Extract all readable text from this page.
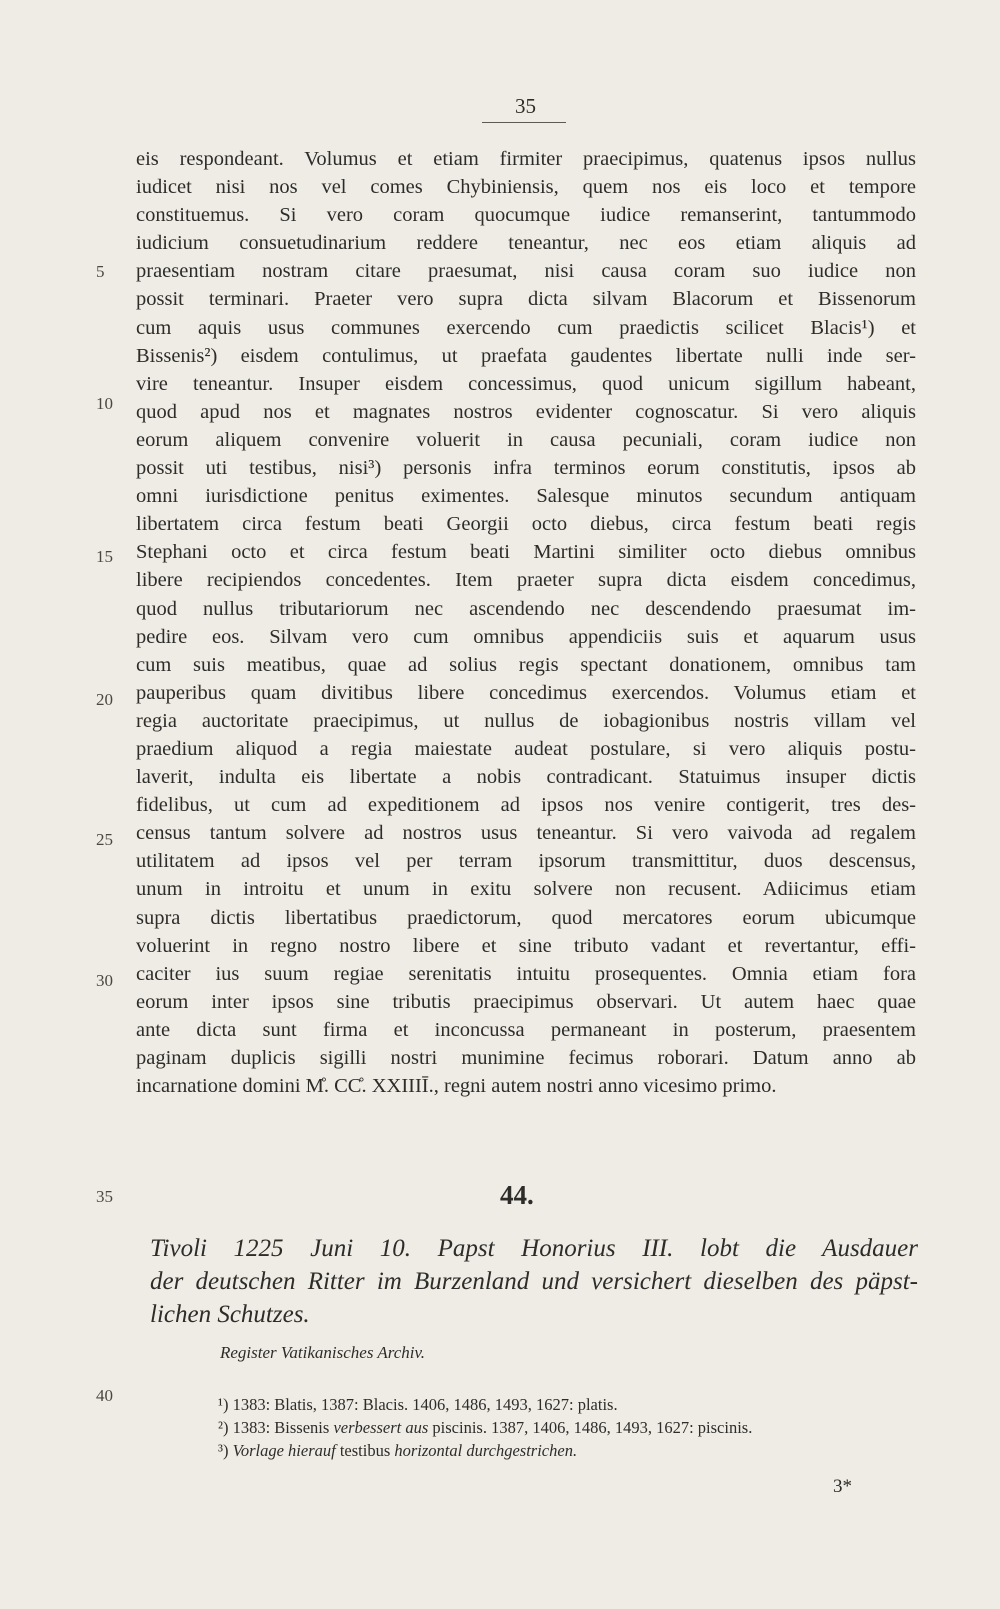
35
eis respondeant. Volumus et etiam firmiter praecipimus, quatenus ipsos nullus
iudicet nisi nos vel comes Chybiniensis, quem nos eis loco et tempore
constituemus. Si vero coram quocumque iudice remanserint, tantummodo
iudicium consuetudinarium reddere teneantur, nec eos etiam aliquis ad
praesentiam nostram citare praesumat, nisi causa coram suo iudice non
possit terminari. Praeter vero supra dicta silvam Blacorum et Bissenorum
cum aquis usus communes exercendo cum praedictis scilicet Blacis¹) et
Bissenis²) eisdem contulimus, ut praefata gaudentes libertate nulli inde ser-
vire teneantur. Insuper eisdem concessimus, quod unicum sigillum habeant,
quod apud nos et magnates nostros evidenter cognoscatur. Si vero aliquis
eorum aliquem convenire voluerit in causa pecuniali, coram iudice non
possit uti testibus, nisi³) personis infra terminos eorum constitutis, ipsos ab
omni iurisdictione penitus eximentes. Salesque minutos secundum antiquam
libertatem circa festum beati Georgii octo diebus, circa festum beati regis
Stephani octo et circa festum beati Martini similiter octo diebus omnibus
libere recipiendos concedentes. Item praeter supra dicta eisdem concedimus,
quod nullus tributariorum nec ascendendo nec descendendo praesumat im-
pedire eos. Silvam vero cum omnibus appendiciis suis et aquarum usus
cum suis meatibus, quae ad solius regis spectant donationem, omnibus tam
pauperibus quam divitibus libere concedimus exercendos. Volumus etiam et
regia auctoritate praecipimus, ut nullus de iobagionibus nostris villam vel
praedium aliquod a regia maiestate audeat postulare, si vero aliquis postu-
laverit, indulta eis libertate a nobis contradicant. Statuimus insuper dictis
fidelibus, ut cum ad expeditionem ad ipsos nos venire contigerit, tres des-
census tantum solvere ad nostros usus teneantur. Si vero vaivoda ad regalem
utilitatem ad ipsos vel per terram ipsorum transmittitur, duos descensus,
unum in introitu et unum in exitu solvere non recusent. Adiicimus etiam
supra dictis libertatibus praedictorum, quod mercatores eorum ubicumque
voluerint in regno nostro libere et sine tributo vadant et revertantur, effi-
caciter ius suum regiae serenitatis intuitu prosequentes. Omnia etiam fora
eorum inter ipsos sine tributis praecipimus observari. Ut autem haec quae
ante dicta sunt firma et inconcussa permaneant in posterum, praesentem
paginam duplicis sigilli nostri munimine fecimus roborari. Datum anno ab
incarnatione domini M̊. CC̊. XXIIIĪ., regni autem nostri anno vicesimo primo.
5
10
15
20
25
30
35
40
44.
Tivoli 1225 Juni 10. Papst Honorius III. lobt die Ausdauer
der deutschen Ritter im Burzenland und versichert dieselben des päpst-
lichen Schutzes.
Register Vatikanisches Archiv.
¹) 1383: Blatis, 1387: Blacis. 1406, 1486, 1493, 1627: platis.
²) 1383: Bissenis verbessert aus piscinis. 1387, 1406, 1486, 1493, 1627: piscinis.
³) Vorlage hierauf testibus horizontal durchgestrichen.
3*
